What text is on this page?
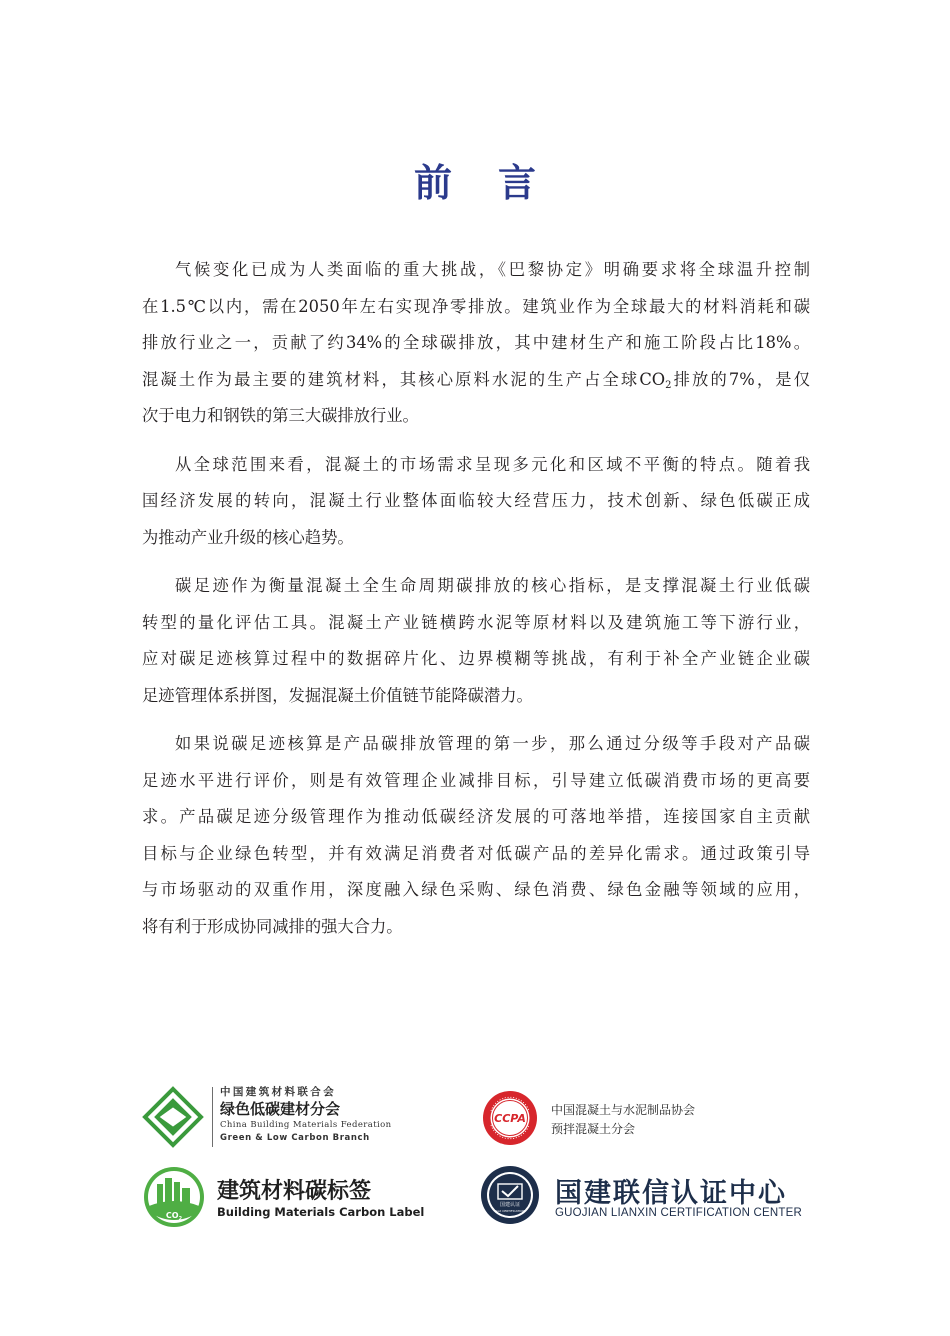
前言
气候变化已成为人类面临的重大挑战，《巴黎协定》明确要求将全球温升控制
在1.5℃以内，需在2050年左右实现净零排放。建筑业作为全球最大的材料消耗和碳
排放行业之一，贡献了约34%的全球碳排放，其中建材生产和施工阶段占比18%。
混凝土作为最主要的建筑材料，其核心原料水泥的生产占全球$CO_2$排放的7%，是仅
次于电力和钢铁的第三大碳排放行业。
从全球范围来看，混凝土的市场需求呈现多元化和区域不平衡的特点。随着我
国经济发展的转向，混凝土行业整体面临较大经营压力，技术创新、绿色低碳正成
为推动产业升级的核心趋势。
碳足迹作为衡量混凝土全生命周期碳排放的核心指标，是支撑混凝土行业低碳
转型的量化评估工具。混凝土产业链横跨水泥等原材料以及建筑施工等下游行业，
应对碳足迹核算过程中的数据碎片化、边界模糊等挑战，有利于补全产业链企业碳
足迹管理体系拼图，发掘混凝土价值链节能降碳潜力。
如果说碳足迹核算是产品碳排放管理的第一步，那么通过分级等手段对产品碳
足迹水平进行评价，则是有效管理企业减排目标，引导建立低碳消费市场的更高要
求。产品碳足迹分级管理作为推动低碳经济发展的可落地举措，连接国家自主贡献
目标与企业绿色转型，并有效满足消费者对低碳产品的差异化需求。通过政策引导
与市场驱动的双重作用，深度融入绿色采购、绿色消费、绿色金融等领域的应用，
将有利于形成协同减排的强大合力。
中国建筑材料联合会
绿色低碳建材分会
China Building Materials Federation
Green & Low Carbon Branch
CCPA
中国混凝土与水泥制品协会
预拌混凝土分会
$CO_2$
建筑材料碳标签
Building Materials Carbon Label	国建认证
GLX CERTIFICATION
国建联信认证中心
GUOJIAN LIANXIN CERTIFICATION CENTER
